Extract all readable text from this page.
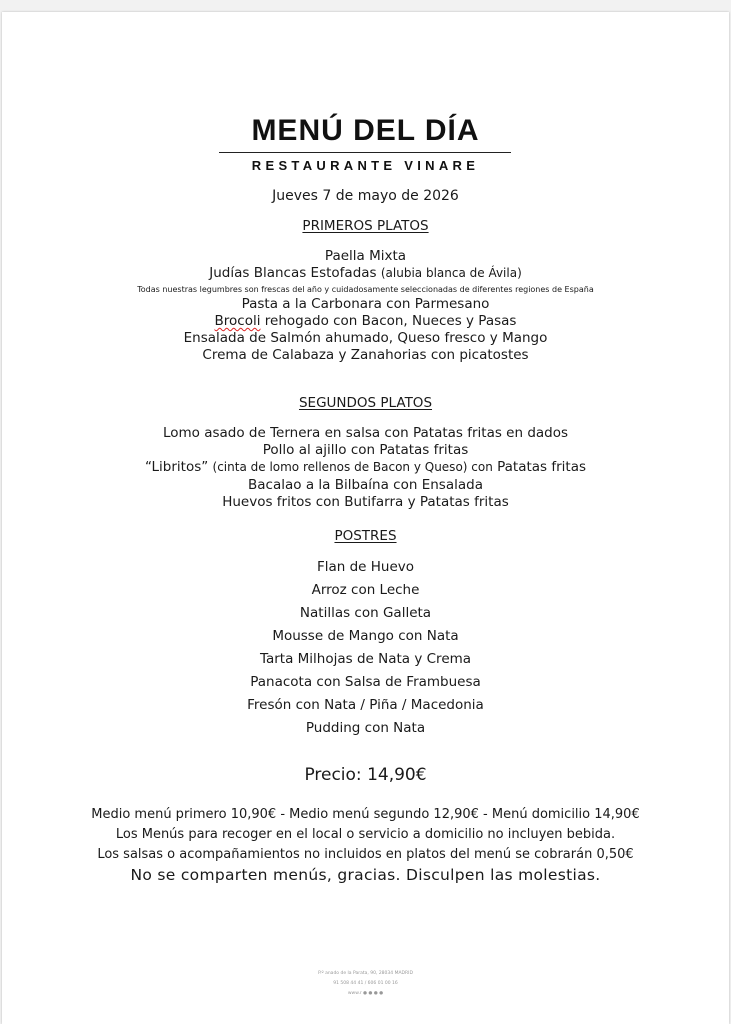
MENÚ DEL DÍA
RESTAURANTE VINARE
Jueves 7 de mayo de 2026
PRIMEROS PLATOS
Paella Mixta
Judías Blancas Estofadas (alubia blanca de Ávila)
Todas nuestras legumbres son frescas del año y cuidadosamente seleccionadas de diferentes regiones de España
Pasta a la Carbonara con Parmesano
Brocoli rehogado con Bacon, Nueces y Pasas
Ensalada de Salmón ahumado, Queso fresco y Mango
Crema de Calabaza y Zanahorias con picatostes
SEGUNDOS PLATOS
Lomo asado de Ternera en salsa con Patatas fritas en dados
Pollo al ajillo con Patatas fritas
“Libritos” (cinta de lomo rellenos de Bacon y Queso) con Patatas fritas
Bacalao a la Bilbaína con Ensalada
Huevos fritos con Butifarra y Patatas fritas
POSTRES
Flan de Huevo
Arroz con Leche
Natillas con Galleta
Mousse de Mango con Nata
Tarta Milhojas de Nata y Crema
Panacota con Salsa de Frambuesa
Fresón con Nata / Piña / Macedonia
Pudding con Nata
Precio: 14,90€
Medio menú primero 10,90€ - Medio menú segundo 12,90€ - Menú domicilio 14,90€
Los Menús para recoger en el local o servicio a domicilio no incluyen bebida.
Los salsas o acompañamientos no incluidos en platos del menú se cobrarán 0,50€
No se comparten menús, gracias. Disculpen las molestias.
P.º anado de la Parata, 90, 28034 MADRID
91 508 44 41 / 606 01 00 16
www.r ● ● ● ●
